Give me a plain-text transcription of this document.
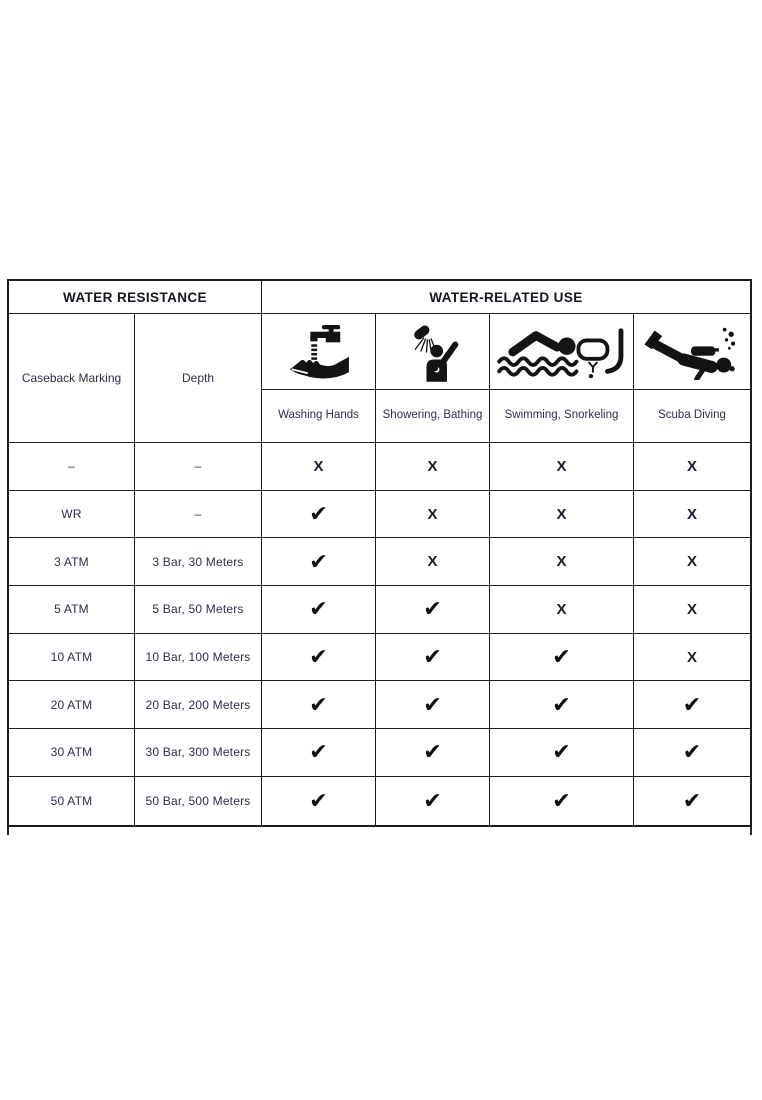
WATER RESISTANCE	WATER-RELATED USE
Caseback Marking	Depth
Washing Hands	Showering, Bathing	Swimming, Snorkeling	Scuba Diving
–	–	X	X	X	X
WR	–	✔	X	X	X
3 ATM	3 Bar, 30 Meters	✔	X	X	X
5 ATM	5 Bar, 50 Meters	✔	✔	X	X
10 ATM	10 Bar, 100 Meters	✔	✔	✔	X
20 ATM	20 Bar, 200 Meters	✔	✔	✔	✔
30 ATM	30 Bar, 300 Meters	✔	✔	✔	✔
50 ATM	50 Bar, 500 Meters	✔	✔	✔	✔
